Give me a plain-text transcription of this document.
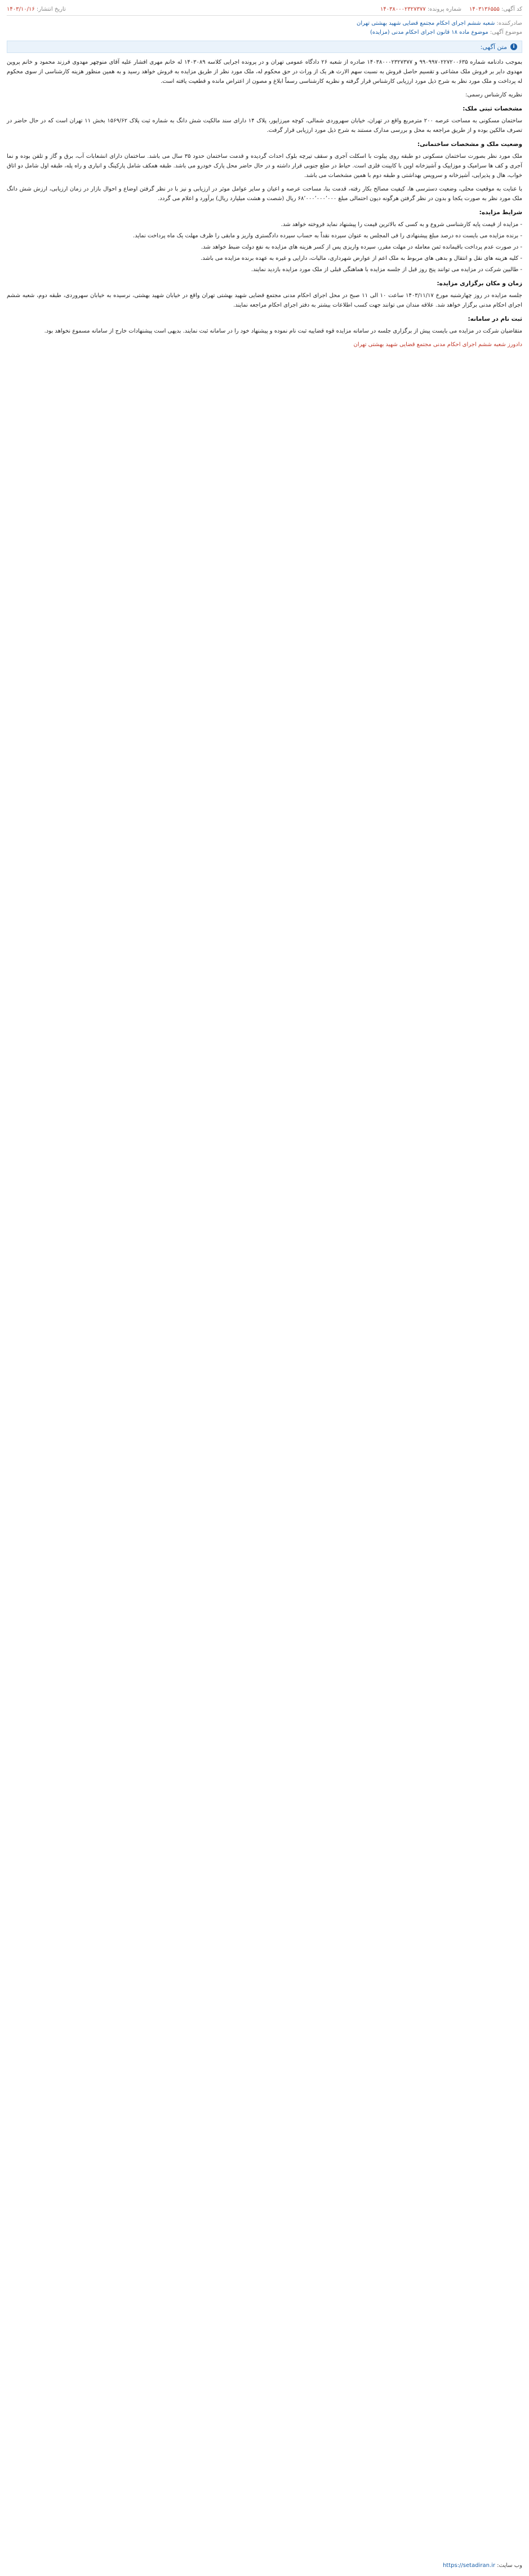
کد آگهی: ۱۴۰۳۱۳۶۵۵۵
شماره پرونده: ۱۴۰۳۸۰۰۰۲۳۲۷۳۷۷
تاریخ انتشار: ۱۴۰۳/۱۰/۱۶
صادرکننده: شعبه ششم اجرای احکام مجتمع قضایی شهید بهشتی تهران
موضوع آگهی: موضوع ماده ۱۸ قانون اجرای احکام مدنی (مزایده)
i
متن آگهی:

بموجب دادنامه شماره ۹۹۰۹۹۷۰۲۲۷۲۰۰۶۳۵ و ۱۴۰۳۸۰۰۰۲۳۲۷۳۷۷ صادره از شعبه ۲۶ دادگاه عمومی تهران و در پرونده اجرایی کلاسه ۱۴۰۳۰۸۹ له خانم مهری افشار علیه آقای منوچهر مهدوی فرزند محمود و خانم پروین مهدوی دایر بر فروش ملک مشاعی و تقسیم حاصل فروش به نسبت سهم الارث هر یک از وراث در حق محکوم له، ملک مورد نظر از طریق مزایده به فروش خواهد رسید و به همین منظور هزینه کارشناسی از سوی محکوم له پرداخت و ملک مورد نظر به شرح ذیل مورد ارزیابی کارشناس قرار گرفته و نظریه کارشناسی رسماً ابلاغ و مصون از اعتراض مانده و قطعیت یافته است.

نظریه کارشناس رسمی:

مشخصات ثبتی ملک:

ساختمان مسکونی به مساحت عرصه ۲۰۰ مترمربع واقع در تهران، خیابان سهروردی شمالی، کوچه میرزاپور، پلاک ۱۴ دارای سند مالکیت شش دانگ به شماره ثبت پلاک ۱۵۶۹/۶۲ بخش ۱۱ تهران است که در حال حاضر در تصرف مالکین بوده و از طریق مراجعه به محل و بررسی مدارک مستند به شرح ذیل مورد ارزیابی قرار گرفت.

وضعیت ملک و مشخصات ساختمانی:

ملک مورد نظر بصورت ساختمان مسکونی دو طبقه روی پیلوت با اسکلت آجری و سقف تیرچه بلوک احداث گردیده و قدمت ساختمان حدود ۳۵ سال می باشد. ساختمان دارای انشعابات آب، برق و گاز و تلفن بوده و نما آجری و کف ها سرامیک و موزاییک و آشپزخانه اوپن با کابینت فلزی است. حیاط در ضلع جنوبی قرار داشته و در حال حاضر محل پارک خودرو می باشد. طبقه همکف شامل پارکینگ و انباری و راه پله، طبقه اول شامل دو اتاق خواب، هال و پذیرایی، آشپزخانه و سرویس بهداشتی و طبقه دوم با همین مشخصات می باشد.

با عنایت به موقعیت محلی، وضعیت دسترسی ها، کیفیت مصالح بکار رفته، قدمت بنا، مساحت عرصه و اعیان و سایر عوامل موثر در ارزیابی و نیز با در نظر گرفتن اوضاع و احوال بازار در زمان ارزیابی، ارزش شش دانگ ملک مورد نظر به صورت یکجا و بدون در نظر گرفتن هرگونه دیون احتمالی مبلغ ۶۸٬۰۰۰٬۰۰۰٬۰۰۰ ریال (شصت و هشت میلیارد ریال) برآورد و اعلام می گردد.

شرایط مزایده:
- مزایده از قیمت پایه کارشناسی شروع و به کسی که بالاترین قیمت را پیشنهاد نماید فروخته خواهد شد.
- برنده مزایده می بایست ده درصد مبلغ پیشنهادی را فی المجلس به عنوان سپرده نقداً به حساب سپرده دادگستری واریز و مابقی را ظرف مهلت یک ماه پرداخت نماید.
- در صورت عدم پرداخت باقیمانده ثمن معامله در مهلت مقرر، سپرده واریزی پس از کسر هزینه های مزایده به نفع دولت ضبط خواهد شد.
- کلیه هزینه های نقل و انتقال و بدهی های مربوط به ملک اعم از عوارض شهرداری، مالیات، دارایی و غیره به عهده برنده مزایده می باشد.
- طالبین شرکت در مزایده می توانند پنج روز قبل از جلسه مزایده با هماهنگی قبلی از ملک مورد مزایده بازدید نمایند.
زمان و مکان برگزاری مزایده:

جلسه مزایده در روز چهارشنبه مورخ ۱۴۰۳/۱۱/۱۷ ساعت ۱۰ الی ۱۱ صبح در محل اجرای احکام مدنی مجتمع قضایی شهید بهشتی تهران واقع در خیابان شهید بهشتی، نرسیده به خیابان سهروردی، طبقه دوم، شعبه ششم اجرای احکام مدنی برگزار خواهد شد. علاقه مندان می توانند جهت کسب اطلاعات بیشتر به دفتر اجرای احکام مراجعه نمایند.

ثبت نام در سامانه:

متقاضیان شرکت در مزایده می بایست پیش از برگزاری جلسه در سامانه مزایده قوه قضاییه ثبت نام نموده و پیشنهاد خود را در سامانه ثبت نمایند. بدیهی است پیشنهادات خارج از سامانه مسموع نخواهد بود.

دادورز شعبه ششم اجرای احکام مدنی مجتمع قضایی شهید بهشتی تهران

وب سایت: https://setadiran.ir
